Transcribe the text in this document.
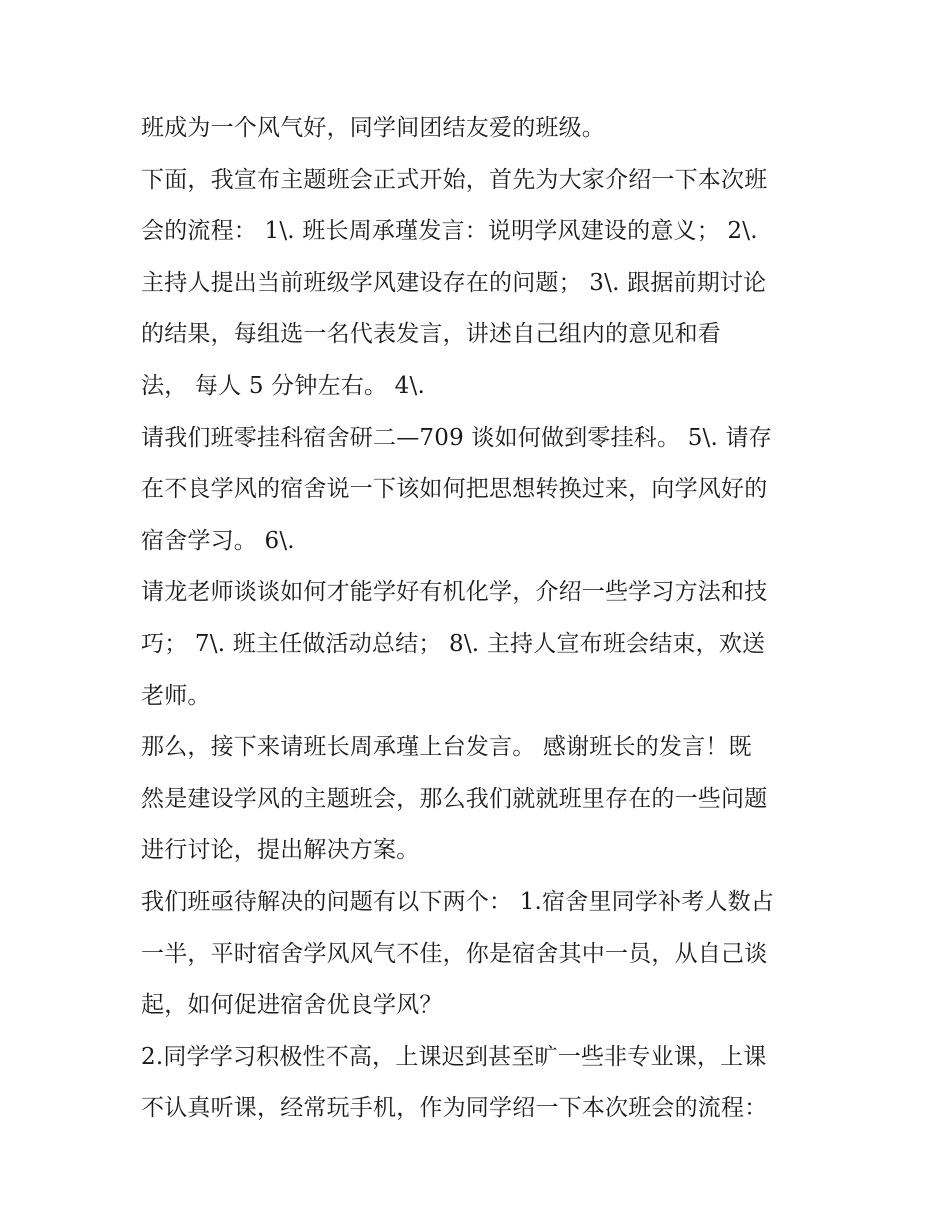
班成为一个风气好，同学间团结友爱的班级。
下面，我宣布主题班会正式开始，首先为大家介绍一下本次班
会的流程： 1\. 班长周承瑾发言：说明学风建设的意义； 2\.
主持人提出当前班级学风建设存在的问题； 3\. 跟据前期讨论
的结果，每组选一名代表发言，讲述自己组内的意见和看
法， 每人 5 分钟左右。 4\.
请我们班零挂科宿舍研二—709 谈如何做到零挂科。 5\. 请存
在不良学风的宿舍说一下该如何把思想转换过来，向学风好的
宿舍学习。 6\.
请龙老师谈谈如何才能学好有机化学，介绍一些学习方法和技
巧； 7\. 班主任做活动总结； 8\. 主持人宣布班会结束，欢送
老师。
那么，接下来请班长周承瑾上台发言。 感谢班长的发言！既
然是建设学风的主题班会，那么我们就就班里存在的一些问题
进行讨论，提出解决方案。
我们班亟待解决的问题有以下两个： 1.宿舍里同学补考人数占
一半，平时宿舍学风风气不佳，你是宿舍其中一员，从自己谈
起，如何促进宿舍优良学风？
2.同学学习积极性不高，上课迟到甚至旷一些非专业课，上课
不认真听课，经常玩手机，作为同学绍一下本次班会的流程：
